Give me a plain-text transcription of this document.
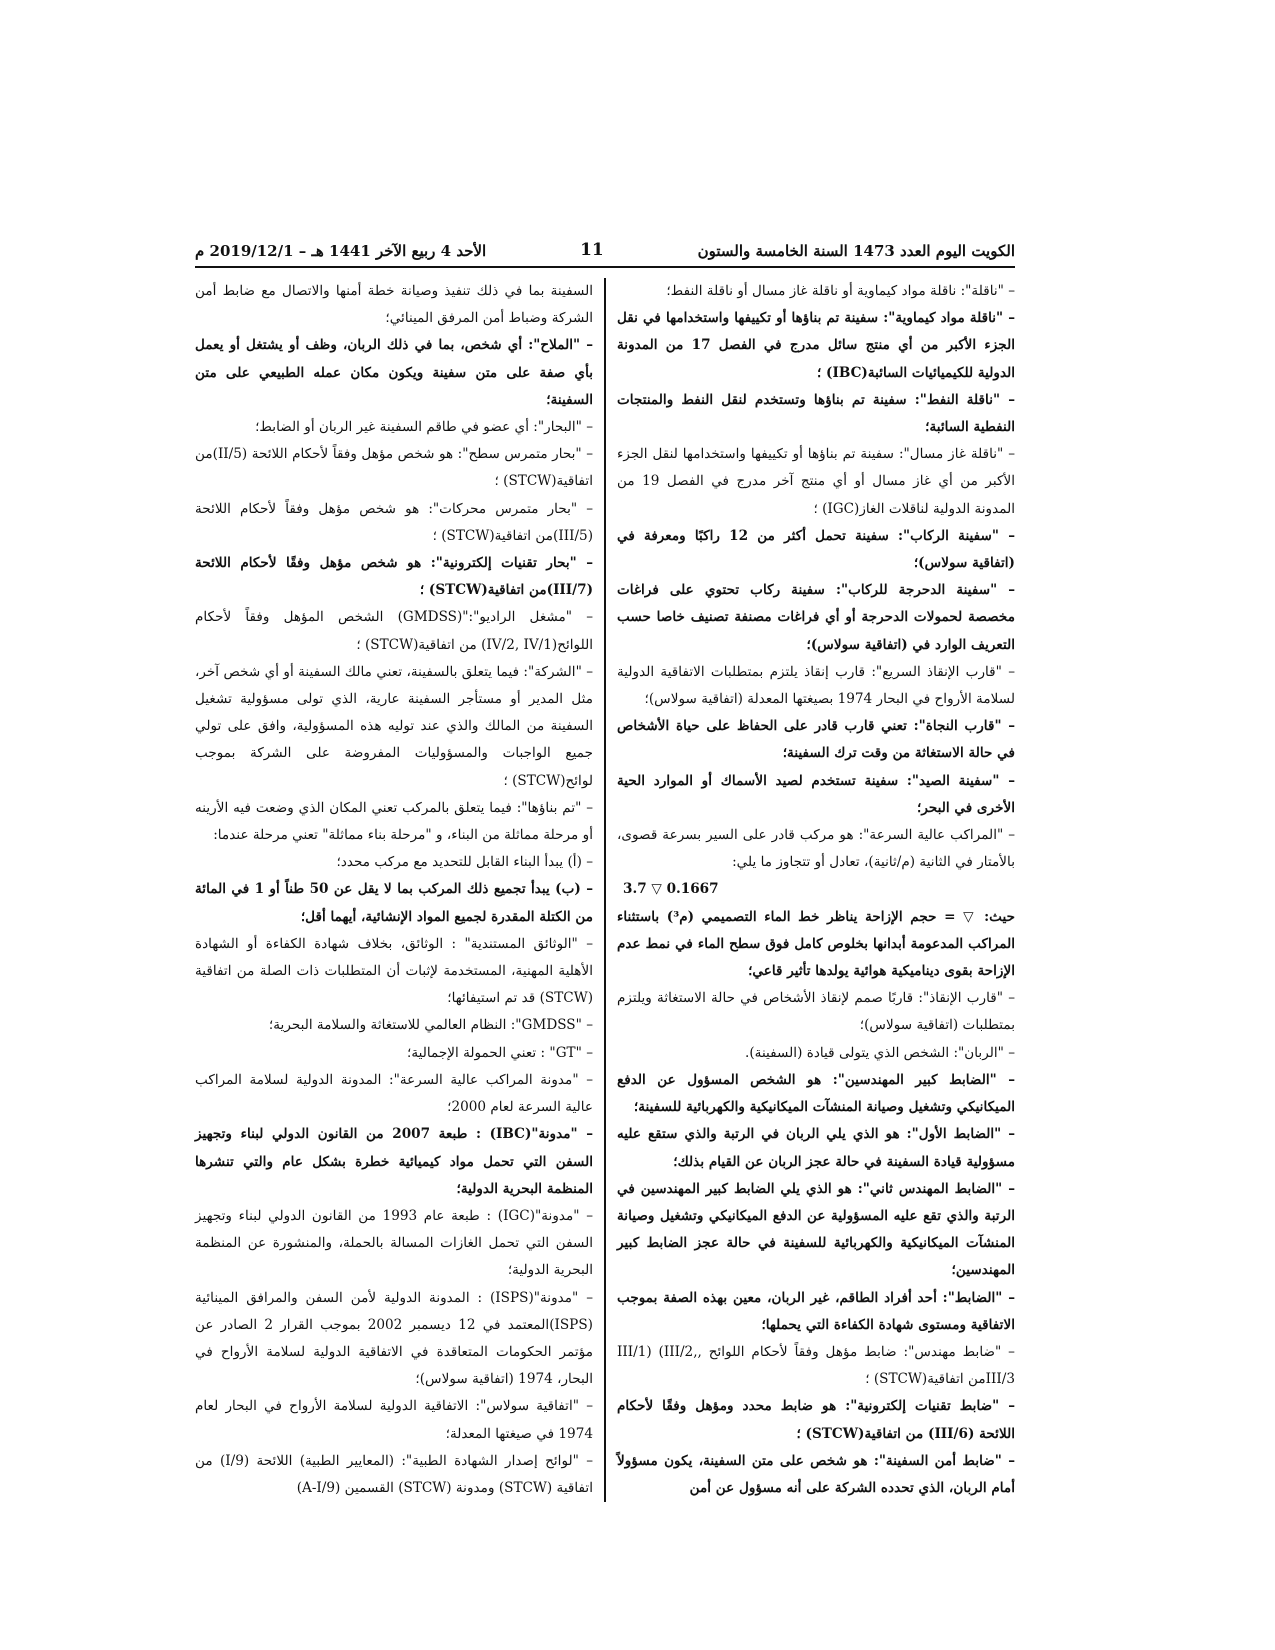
الكويت اليوم العدد 1473 السنة الخامسة والستون
11
الأحد 4 ربيع الآخر 1441 هـ – 2019/12/1 م

– "ناقلة": ناقلة مواد كيماوية أو ناقلة غاز مسال أو ناقلة النفط؛

– "ناقلة مواد كيماوية": سفينة تم بناؤها أو تكييفها واستخدامها في نقل الجزء الأكبر من أي منتج سائل مدرج في الفصل 17 من المدونة الدولية للكيميائيات السائبة(IBC) ؛

– "ناقلة النفط": سفينة تم بناؤها وتستخدم لنقل النفط والمنتجات النفطية السائبة؛

– "ناقلة غاز مسال": سفينة تم بناؤها أو تكييفها واستخدامها لنقل الجزء الأكبر من أي غاز مسال أو أي منتج آخر مدرج في الفصل 19 من المدونة الدولية لناقلات الغاز(IGC) ؛

– "سفينة الركاب": سفينة تحمل أكثر من 12 راكبًا ومعرفة في (اتفاقية سولاس)؛

– "سفينة الدحرجة للركاب": سفينة ركاب تحتوي على فراغات مخصصة لحمولات الدحرجة أو أي فراغات مصنفة تصنيف خاصا حسب التعريف الوارد في (اتفاقية سولاس)؛

– "قارب الإنقاذ السريع": قارب إنقاذ يلتزم بمتطلبات الاتفاقية الدولية لسلامة الأرواح في البحار 1974 بصيغتها المعدلة (اتفاقية سولاس)؛

– "قارب النجاة": تعني قارب قادر على الحفاظ على حياة الأشخاص في حالة الاستغاثة من وقت ترك السفينة؛

– "سفينة الصيد": سفينة تستخدم لصيد الأسماك أو الموارد الحية الأخرى في البحر؛

– "المراكب عالية السرعة": هو مركب قادر على السير بسرعة قصوى، بالأمتار في الثانية (م/ثانية)، تعادل أو تتجاوز ما يلي:

3.7 ▽ 0.1667

حيث: ▽ = حجم الإزاحة يناظر خط الماء التصميمي (م³) باستثناء المراكب المدعومة أبدانها بخلوص كامل فوق سطح الماء في نمط عدم الإزاحة بقوى ديناميكية هوائية يولدها تأثير قاعي؛

– "قارب الإنقاذ": قاربًا صمم لإنقاذ الأشخاص في حالة الاستغاثة ويلتزم بمتطلبات (اتفاقية سولاس)؛

– "الربان": الشخص الذي يتولى قيادة (السفينة).

– "الضابط كبير المهندسين": هو الشخص المسؤول عن الدفع الميكانيكي وتشغيل وصيانة المنشآت الميكانيكية والكهربائية للسفينة؛

– "الضابط الأول": هو الذي يلي الربان في الرتبة والذي ستقع عليه مسؤولية قيادة السفينة في حالة عجز الربان عن القيام بذلك؛

– "الضابط المهندس ثاني": هو الذي يلي الضابط كبير المهندسين في الرتبة والذي تقع عليه المسؤولية عن الدفع الميكانيكي وتشغيل وصيانة المنشآت الميكانيكية والكهربائية للسفينة في حالة عجز الضابط كبير المهندسين؛

– "الضابط": أحد أفراد الطاقم، غير الربان، معين بهذه الصفة بموجب الاتفاقية ومستوى شهادة الكفاءة التي يحملها؛

– "ضابط مهندس": ضابط مؤهل وفقاً لأحكام اللوائح ,III/1) (III/2, III/3من اتفاقية(STCW) ؛

– "ضابط تقنيات إلكترونية": هو ضابط محدد ومؤهل وفقًا لأحكام اللائحة (III/6) من اتفاقية(STCW) ؛

– "ضابط أمن السفينة": هو شخص على متن السفينة، يكون مسؤولاً أمام الربان، الذي تحدده الشركة على أنه مسؤول عن أمن

السفينة بما في ذلك تنفيذ وصيانة خطة أمنها والاتصال مع ضابط أمن الشركة وضباط أمن المرفق المينائي؛

– "الملاح": أي شخص، بما في ذلك الربان، وظف أو يشتغل أو يعمل بأي صفة على متن سفينة ويكون مكان عمله الطبيعي على متن السفينة؛

– "البحار": أي عضو في طاقم السفينة غير الربان أو الضابط؛

– "بحار متمرس سطح": هو شخص مؤهل وفقاً لأحكام اللائحة (II/5)من اتفاقية(STCW) ؛

– "بحار متمرس محركات": هو شخص مؤهل وفقاً لأحكام اللائحة (III/5)من اتفاقية(STCW) ؛

– "بحار تقنيات إلكترونية": هو شخص مؤهل وفقًا لأحكام اللائحة (III/7)من اتفاقية(STCW) ؛

– "مشغل الراديو":"(GMDSS) الشخص المؤهل وفقاً لأحكام اللوائح(IV/2, IV/1) من اتفاقية(STCW) ؛

– "الشركة": فيما يتعلق بالسفينة، تعني مالك السفينة أو أي شخص آخر، مثل المدير أو مستأجر السفينة عارية، الذي تولى مسؤولية تشغيل السفينة من المالك والذي عند توليه هذه المسؤولية، وافق على تولي جميع الواجبات والمسؤوليات المفروضة على الشركة بموجب لوائح(STCW) ؛

– "تم بناؤها": فيما يتعلق بالمركب تعني المكان الذي وضعت فيه الأرينه أو مرحلة مماثلة من البناء، و "مرحلة بناء مماثلة" تعني مرحلة عندما:

– (أ) يبدأ البناء القابل للتحديد مع مركب محدد؛

– (ب) يبدأ تجميع ذلك المركب بما لا يقل عن 50 طناً أو 1 في المائة من الكتلة المقدرة لجميع المواد الإنشائية، أيهما أقل؛

– "الوثائق المستندية" : الوثائق، بخلاف شهادة الكفاءة أو الشهادة الأهلية المهنية، المستخدمة لإثبات أن المتطلبات ذات الصلة من اتفاقية (STCW) قد تم استيفائها؛

– "GMDSS": النظام العالمي للاستغاثة والسلامة البحرية؛

– "GT" : تعني الحمولة الإجمالية؛

– "مدونة المراكب عالية السرعة": المدونة الدولية لسلامة المراكب عالية السرعة لعام 2000؛

– "مدونة"(IBC) : طبعة 2007 من القانون الدولي لبناء وتجهيز السفن التي تحمل مواد كيميائية خطرة بشكل عام والتي تنشرها المنظمة البحرية الدولية؛

– "مدونة"(IGC) : طبعة عام 1993 من القانون الدولي لبناء وتجهيز السفن التي تحمل الغازات المسالة بالحملة، والمنشورة عن المنظمة البحرية الدولية؛

– "مدونة"(ISPS) : المدونة الدولية لأمن السفن والمرافق المينائية (ISPS)المعتمد في 12 ديسمبر 2002 بموجب القرار 2 الصادر عن مؤتمر الحكومات المتعاقدة في الاتفاقية الدولية لسلامة الأرواح في البحار، 1974 (اتفاقية سولاس)؛

– "اتفاقية سولاس": الاتفاقية الدولية لسلامة الأرواح في البحار لعام 1974 في صيغتها المعدلة؛

– "لوائح إصدار الشهادة الطبية": (المعايير الطبية) اللائحة (I/9) من اتفاقية (STCW) ومدونة (STCW) القسمين (A-I/9)
